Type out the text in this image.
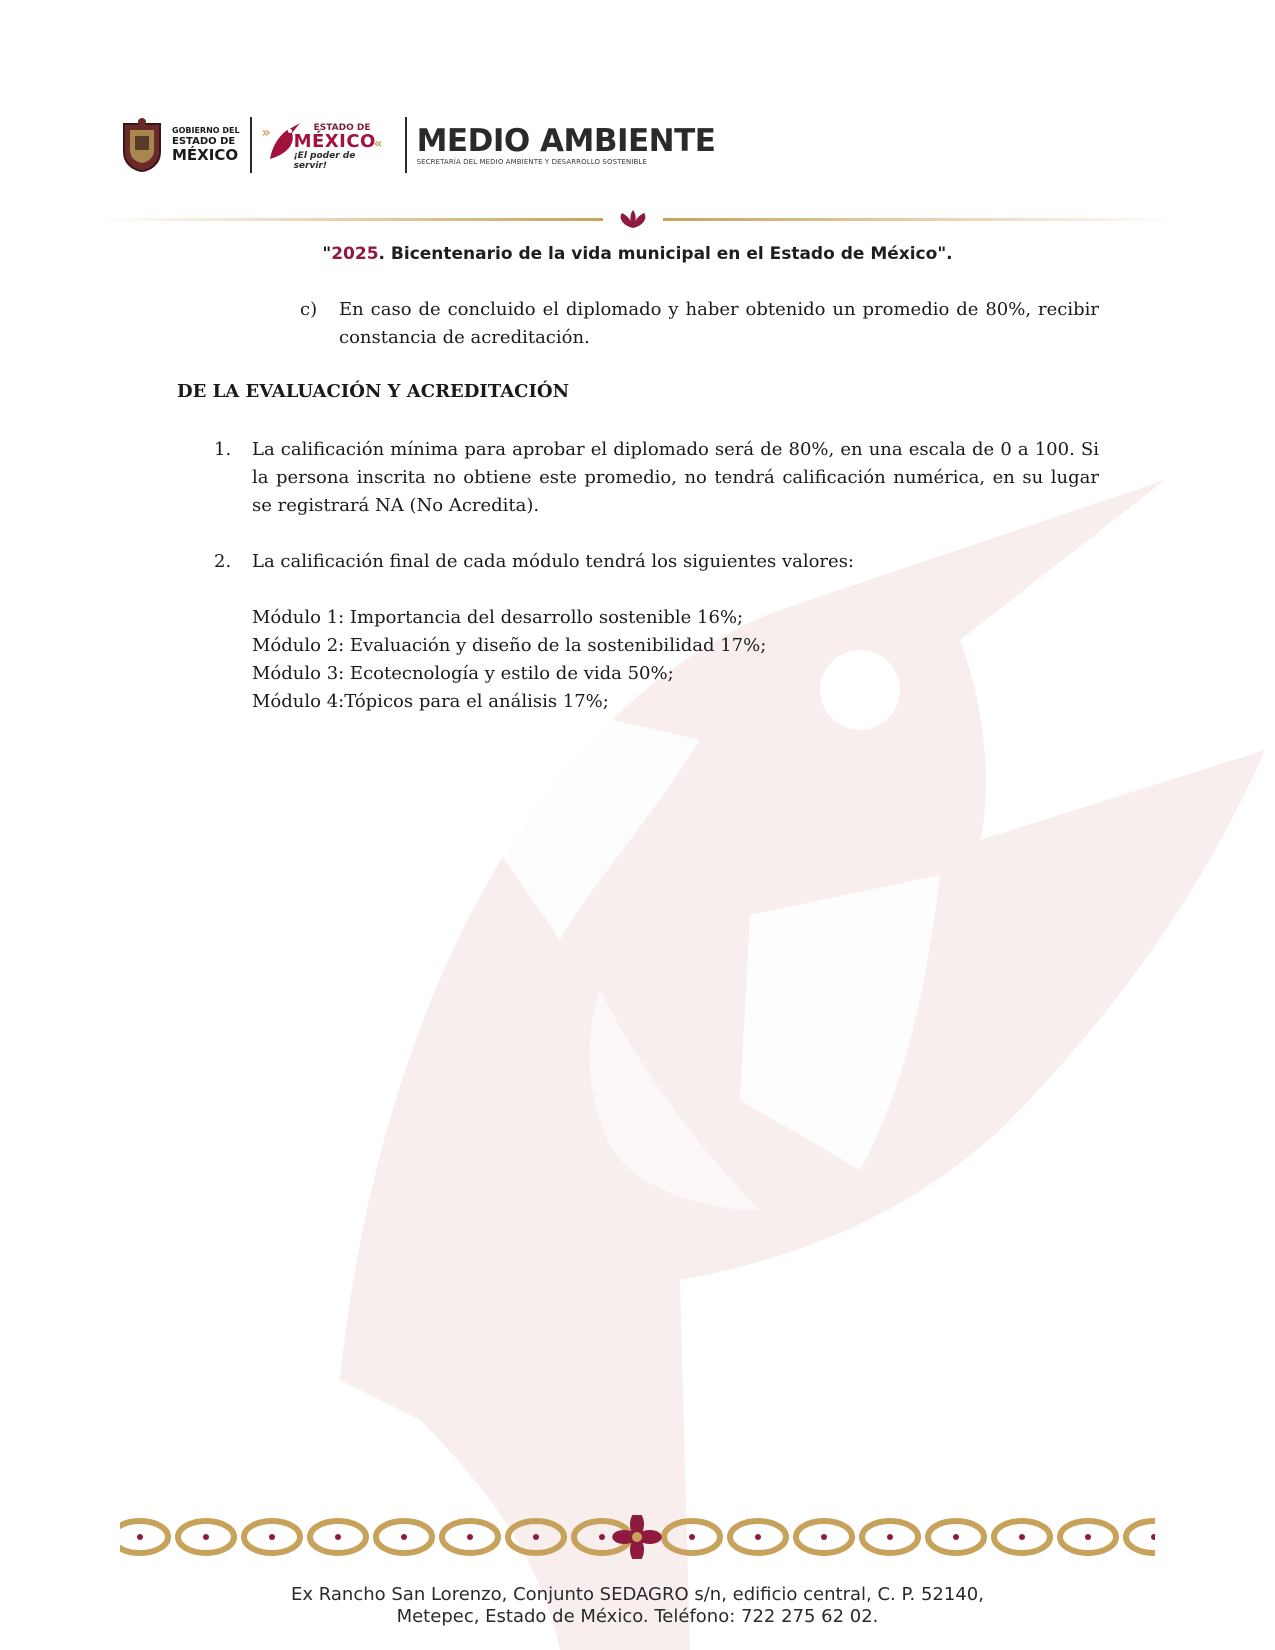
GOBIERNO DEL
ESTADO DE
MÉXICO
»	ESTADO DE
MÉXICO
¡El poder de servir!
« MEDIO AMBIENTE
SECRETARÍA DEL MEDIO AMBIENTE Y DESARROLLO SOSTENIBLE
"2025. Bicentenario de la vida municipal en el Estado de México".
c) En caso de concluido el diplomado y haber obtenido un promedio de 80%, recibir constancia de acreditación.
DE LA EVALUACIÓN Y ACREDITACIÓN
1. La calificación mínima para aprobar el diplomado será de 80%, en una escala de 0 a 100. Si la persona inscrita no obtiene este promedio, no tendrá calificación numérica, en su lugar se registrará NA (No Acredita).
2. La calificación final de cada módulo tendrá los siguientes valores:
Módulo 1: Importancia del desarrollo sostenible 16%;
Módulo 2: Evaluación y diseño de la sostenibilidad 17%;
Módulo 3: Ecotecnología y estilo de vida 50%;
Módulo 4:Tópicos para el análisis 17%;
Ex Rancho San Lorenzo, Conjunto SEDAGRO s/n, edificio central, C. P. 52140,
Metepec, Estado de México. Teléfono: 722 275 62 02.
